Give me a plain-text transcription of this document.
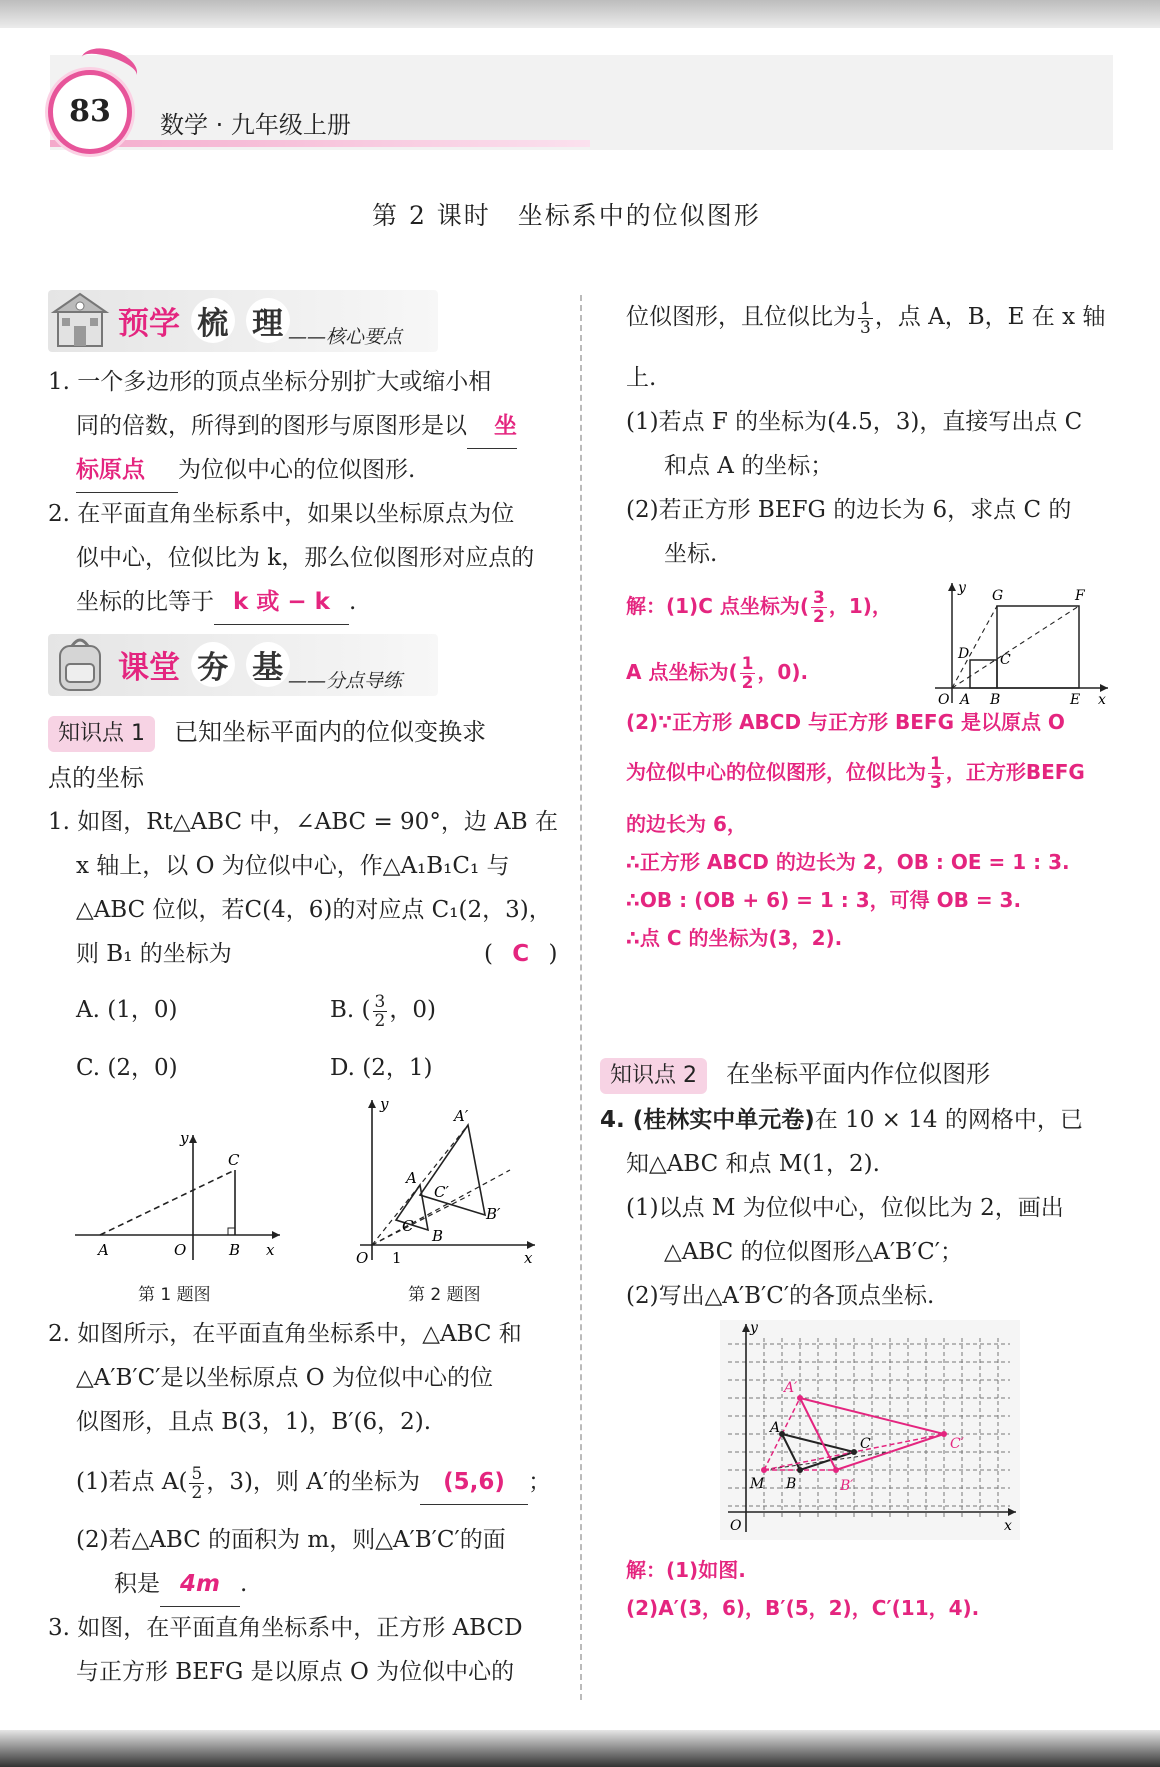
83	数学 · 九年级上册
第 2 课时　坐标系中的位似图形
预学 梳 理 ——核心要点
1. 一个多边形的顶点坐标分别扩大或缩小相
同的倍数，所得到的图形与原图形是以 坐
标原点 为位似中心的位似图形.
2. 在平面直角坐标系中，如果以坐标原点为位
似中心，位似比为 k，那么位似图形对应点的
坐标的比等于 k 或 − k .
课堂 夯 基 ——分点导练
知识点 1 已知坐标平面内的位似变换求
点的坐标
1. 如图，Rt△ABC 中，∠ABC = 90°，边 AB 在
x 轴上，以 O 为位似中心，作△A₁B₁C₁ 与
△ABC 位似，若C(4，6)的对应点 C₁(2，3)，
则 B₁ 的坐标为	( C )
A. (1，0)	B. ( $\frac{3}{2}$ ，0)
C. (2，0)	D. (2，1)
y
x
A	O	B
C
第 1 题图
y
x
O 1
A
B
C
A′
B′
C′
第 2 题图
2. 如图所示，在平面直角坐标系中，△ABC 和
△A′B′C′是以坐标原点 O 为位似中心的位
似图形，且点 B(3，1)，B′(6，2).
(1)若点 $A( \frac{5}{2}$ ，3)，则 A′的坐标为 (5,6) ；
(2)若△ABC 的面积为 m，则△A′B′C′的面
积是 4m .
3. 如图，在平面直角坐标系中，正方形 ABCD
与正方形 BEFG 是以原点 O 为位似中心的
位似图形，且位似比为 $\frac{1}{3}$ ，点 A，B，E 在 x 轴
上.
(1)若点 F 的坐标为(4.5，3)，直接写出点 C
和点 A 的坐标；
(2)若正方形 BEFG 的边长为 6，求点 C 的
坐标.
解：(1)C 点坐标为( $\frac{3}{2}$ ，1)，
A 点坐标为( $\frac{1}{2}$ ，0).
y
x
O A B
C
D
E
F
G
(2)∵正方形 ABCD 与正方形 BEFG 是以原点 O
为位似中心的位似图形，位似比为 $\frac{1}{3}$ ，正方形BEFG
的边长为 6，
∴正方形 ABCD 的边长为 2，OB : OE = 1 : 3.
∴OB : (OB + 6) = 1 : 3，可得 OB = 3.
∴点 C 的坐标为(3，2).
知识点 2 在坐标平面内作位似图形
4. (桂林实中单元卷)在 10 × 14 的网格中，已
知△ABC 和点 M(1，2).
(1)以点 M 为位似中心，位似比为 2，画出
△ABC 的位似图形△A′B′C′；
(2)写出△A′B′C′的各顶点坐标.
y
x
O
M
A
B
C
A′
B′
C′
解：(1)如图.
(2)A′(3，6)，B′(5，2)，C′(11，4).
